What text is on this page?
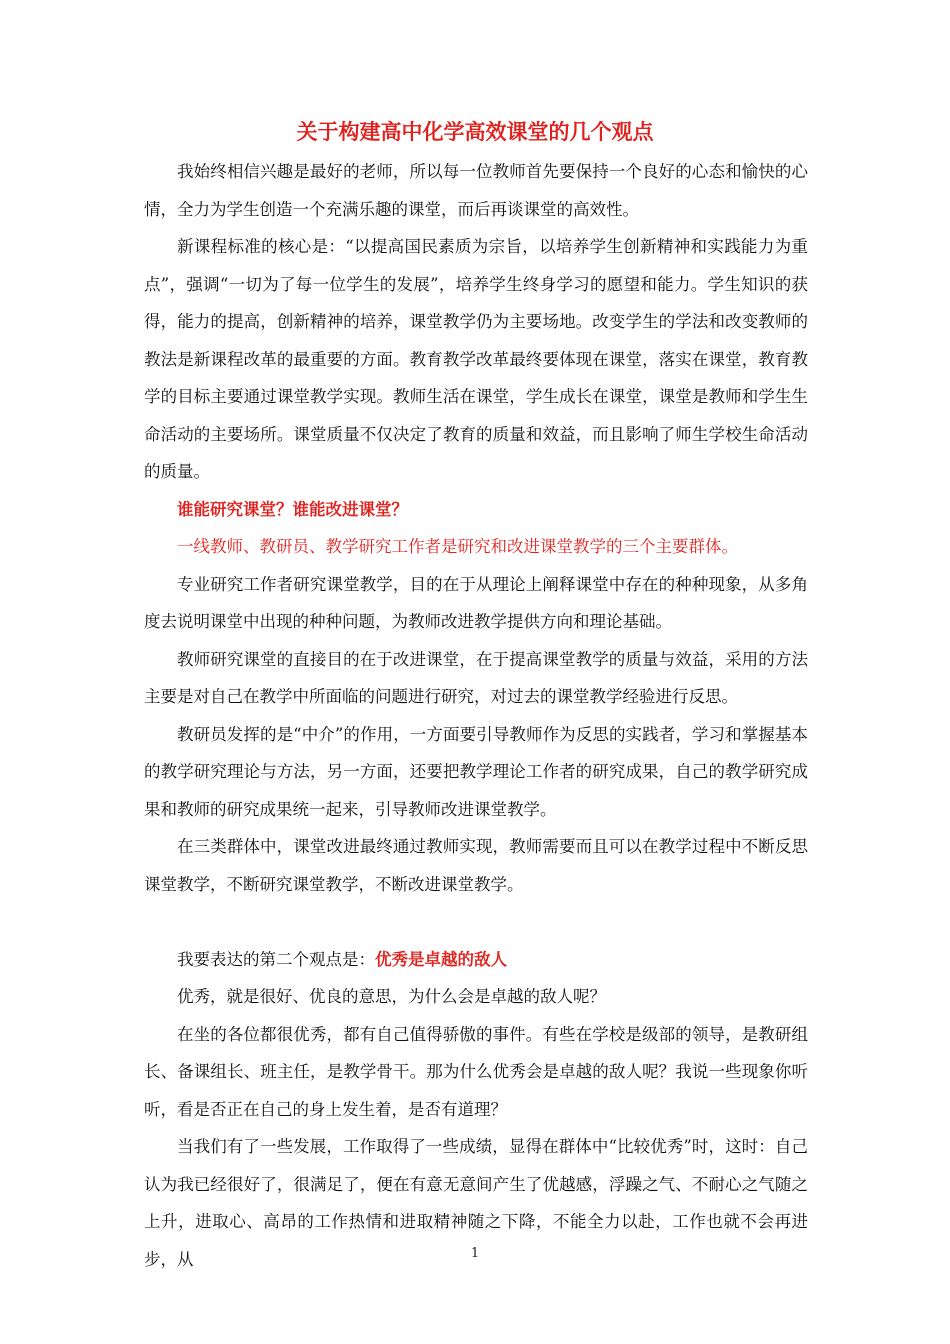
关于构建高中化学高效课堂的几个观点

我始终相信兴趣是最好的老师，所以每一位教师首先要保持一个良好的心态和愉快的心情，全力为学生创造一个充满乐趣的课堂，而后再谈课堂的高效性。

新课程标准的核心是：“以提高国民素质为宗旨，以培养学生创新精神和实践能力为重点”，强调“一切为了每一位学生的发展”，培养学生终身学习的愿望和能力。学生知识的获得，能力的提高，创新精神的培养，课堂教学仍为主要场地。改变学生的学法和改变教师的教法是新课程改革的最重要的方面。教育教学改革最终要体现在课堂，落实在课堂，教育教学的目标主要通过课堂教学实现。教师生活在课堂，学生成长在课堂，课堂是教师和学生生命活动的主要场所。课堂质量不仅决定了教育的质量和效益，而且影响了师生学校生命活动的质量。

谁能研究课堂？谁能改进课堂？

一线教师、教研员、教学研究工作者是研究和改进课堂教学的三个主要群体。

专业研究工作者研究课堂教学，目的在于从理论上阐释课堂中存在的种种现象，从多角度去说明课堂中出现的种种问题，为教师改进教学提供方向和理论基础。

教师研究课堂的直接目的在于改进课堂，在于提高课堂教学的质量与效益，采用的方法主要是对自己在教学中所面临的问题进行研究，对过去的课堂教学经验进行反思。

教研员发挥的是“中介”的作用，一方面要引导教师作为反思的实践者，学习和掌握基本的教学研究理论与方法，另一方面，还要把教学理论工作者的研究成果，自己的教学研究成果和教师的研究成果统一起来，引导教师改进课堂教学。

在三类群体中，课堂改进最终通过教师实现，教师需要而且可以在教学过程中不断反思课堂教学，不断研究课堂教学，不断改进课堂教学。

我要表达的第二个观点是：优秀是卓越的敌人

优秀，就是很好、优良的意思，为什么会是卓越的敌人呢？

在坐的各位都很优秀，都有自己值得骄傲的事件。有些在学校是级部的领导，是教研组长、备课组长、班主任，是教学骨干。那为什么优秀会是卓越的敌人呢？我说一些现象你听听，看是否正在自己的身上发生着，是否有道理？

当我们有了一些发展，工作取得了一些成绩，显得在群体中“比较优秀”时，这时：自己认为我已经很好了，很满足了，便在有意无意间产生了优越感，浮躁之气、不耐心之气随之上升，进取心、高昂的工作热情和进取精神随之下降，不能全力以赴，工作也就不会再进步，从	1
